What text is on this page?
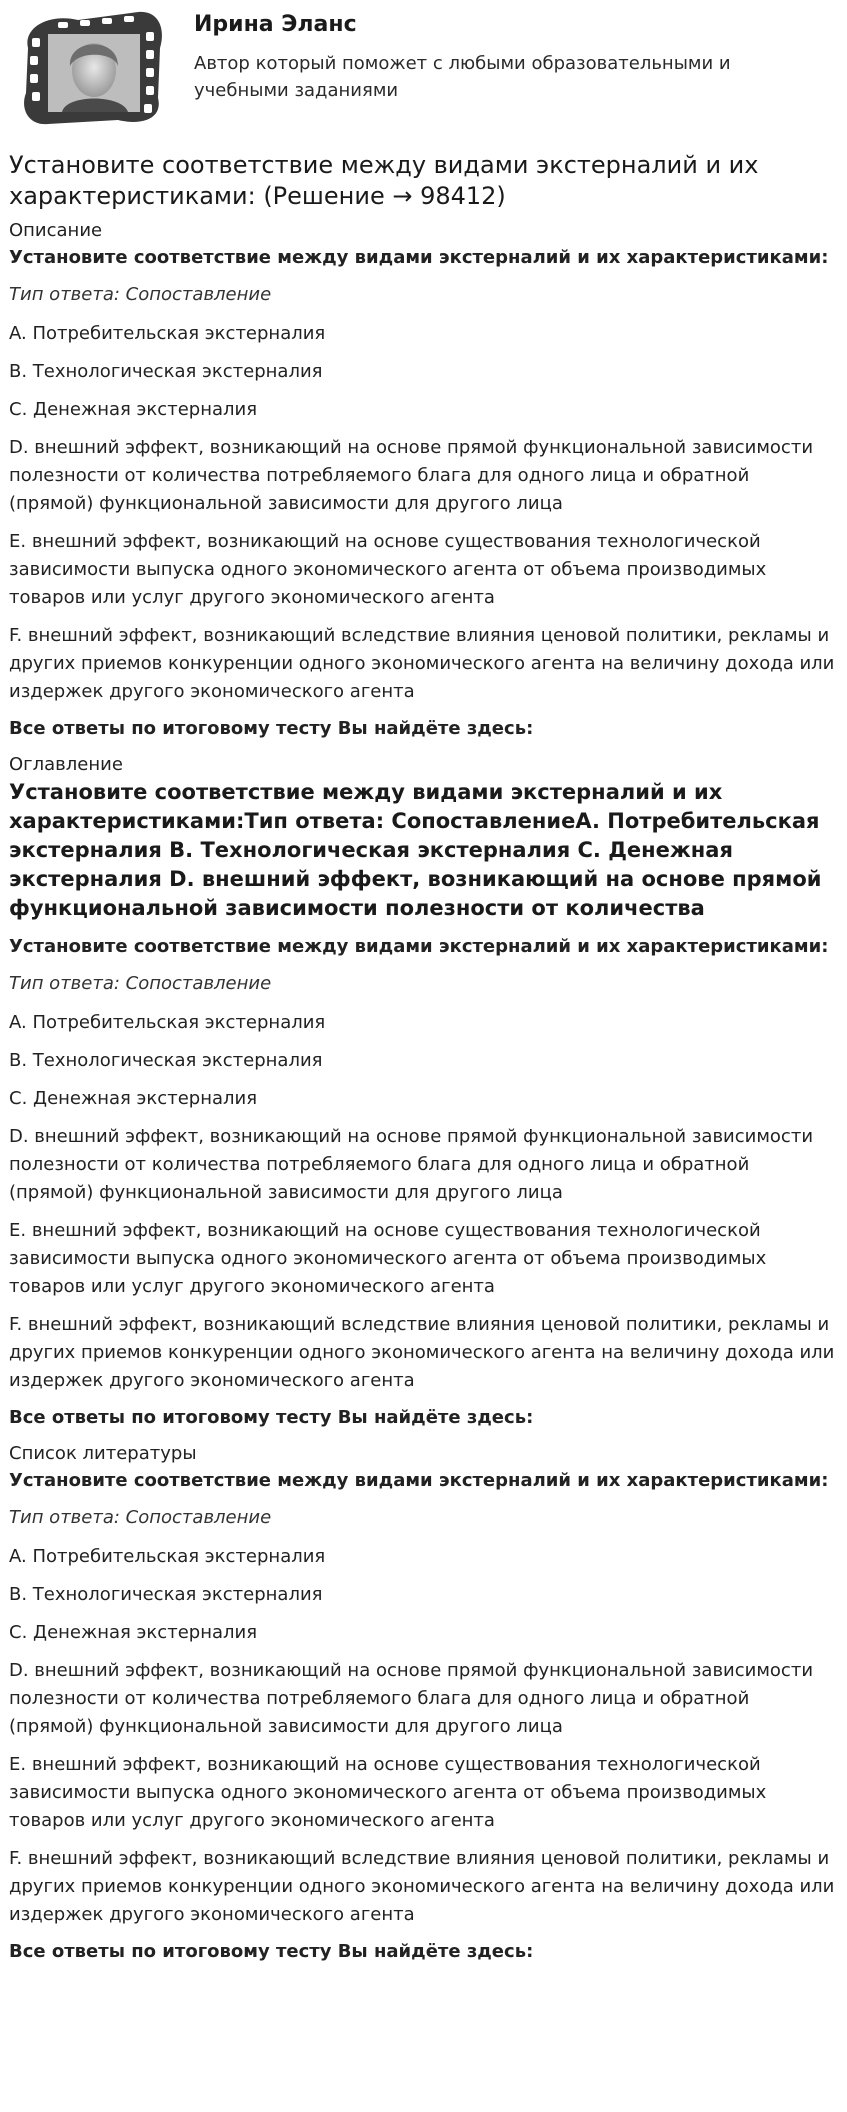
Ирина Эланс
Автор который поможет с любыми образовательными и учебными заданиями
Установите соответствие между видами экстерналий и их характеристиками: (Решение → 98412)
Описание

Установите соответствие между видами экстерналий и их характеристиками:

Тип ответа: Сопоставление

A. Потребительская экстерналия

B. Технологическая экстерналия

C. Денежная экстерналия

D. внешний эффект, возникающий на основе прямой функциональной зависимости полезности от количества потребляемого блага для одного лица и обратной (прямой) функциональной зависимости для другого лица

E. внешний эффект, возникающий на основе существования технологической зависимости выпуска одного экономического агента от объема производимых товаров или услуг другого экономического агента

F. внешний эффект, возникающий вследствие влияния ценовой политики, рекламы и других приемов конкуренции одного экономического агента на величину дохода или издержек другого экономического агента

Все ответы по итоговому тесту Вы найдёте здесь:

Оглавление
Установите соответствие между видами экстерналий и их характеристиками:Тип ответа: СопоставлениеA. Потребительская экстерналия B. Технологическая экстерналия C. Денежная экстерналия D. внешний эффект, возникающий на основе прямой функциональной зависимости полезности от количества

Установите соответствие между видами экстерналий и их характеристиками:

Тип ответа: Сопоставление

A. Потребительская экстерналия

B. Технологическая экстерналия

C. Денежная экстерналия

D. внешний эффект, возникающий на основе прямой функциональной зависимости полезности от количества потребляемого блага для одного лица и обратной (прямой) функциональной зависимости для другого лица

E. внешний эффект, возникающий на основе существования технологической зависимости выпуска одного экономического агента от объема производимых товаров или услуг другого экономического агента

F. внешний эффект, возникающий вследствие влияния ценовой политики, рекламы и других приемов конкуренции одного экономического агента на величину дохода или издержек другого экономического агента

Все ответы по итоговому тесту Вы найдёте здесь:

Список литературы

Установите соответствие между видами экстерналий и их характеристиками:

Тип ответа: Сопоставление

A. Потребительская экстерналия

B. Технологическая экстерналия

C. Денежная экстерналия

D. внешний эффект, возникающий на основе прямой функциональной зависимости полезности от количества потребляемого блага для одного лица и обратной (прямой) функциональной зависимости для другого лица

E. внешний эффект, возникающий на основе существования технологической зависимости выпуска одного экономического агента от объема производимых товаров или услуг другого экономического агента

F. внешний эффект, возникающий вследствие влияния ценовой политики, рекламы и других приемов конкуренции одного экономического агента на величину дохода или издержек другого экономического агента

Все ответы по итоговому тесту Вы найдёте здесь:
